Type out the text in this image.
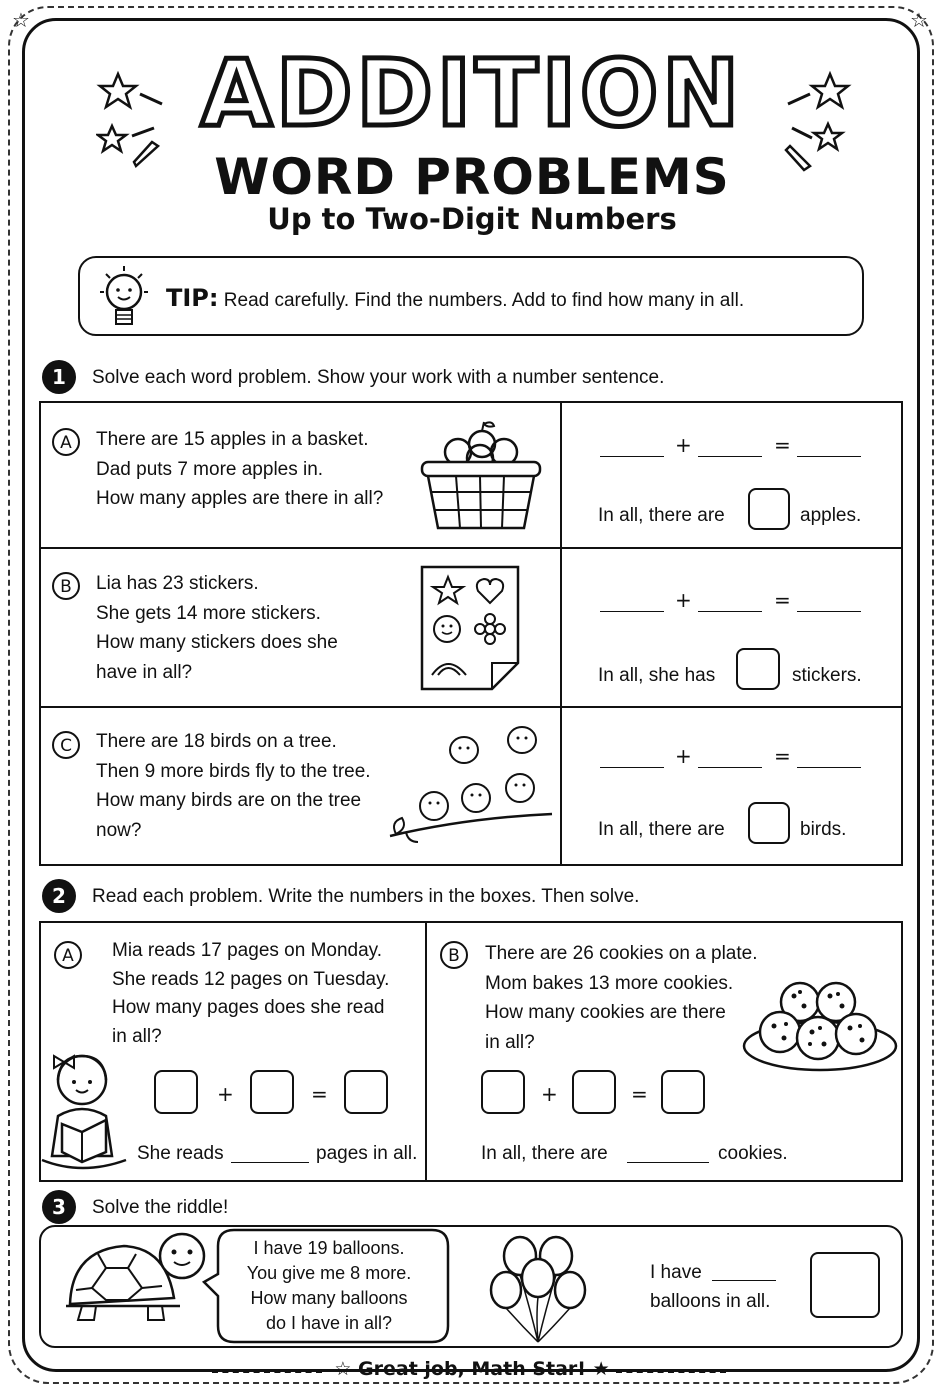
☆	☆
ADDITION
WORD PROBLEMS
Up to Two-Digit Numbers
TIP: Read carefully. Find the numbers. Add to find how many in all.
1	Solve each word problem. Show your work with a number sentence.
A	There are 15 apples in a basket.
Dad puts 7 more apples in.
How many apples are there in all?
+	=
In all, there are	apples.
B	Lia has 23 stickers.
She gets 14 more stickers.
How many stickers does she
have in all?
+	=
In all, she has	stickers.
C	There are 18 birds on a tree.
Then 9 more birds fly to the tree.
How many birds are on the tree
now?
+	=
In all, there are	birds.
2	Read each problem. Write the numbers in the boxes. Then solve.
A	Mia reads 17 pages on Monday.
She reads 12 pages on Tuesday.
How many pages does she read
in all?
+	=
She reads	pages in all.
B	There are 26 cookies on a plate.
Mom bakes 13 more cookies.
How many cookies are there
in all?
+	=
In all, there are	cookies.
3	Solve the riddle!
I have 19 balloons.
You give me 8 more.
How many balloons
do I have in all?
I have
balloons in all.
☆ Great job, Math Star! ★
